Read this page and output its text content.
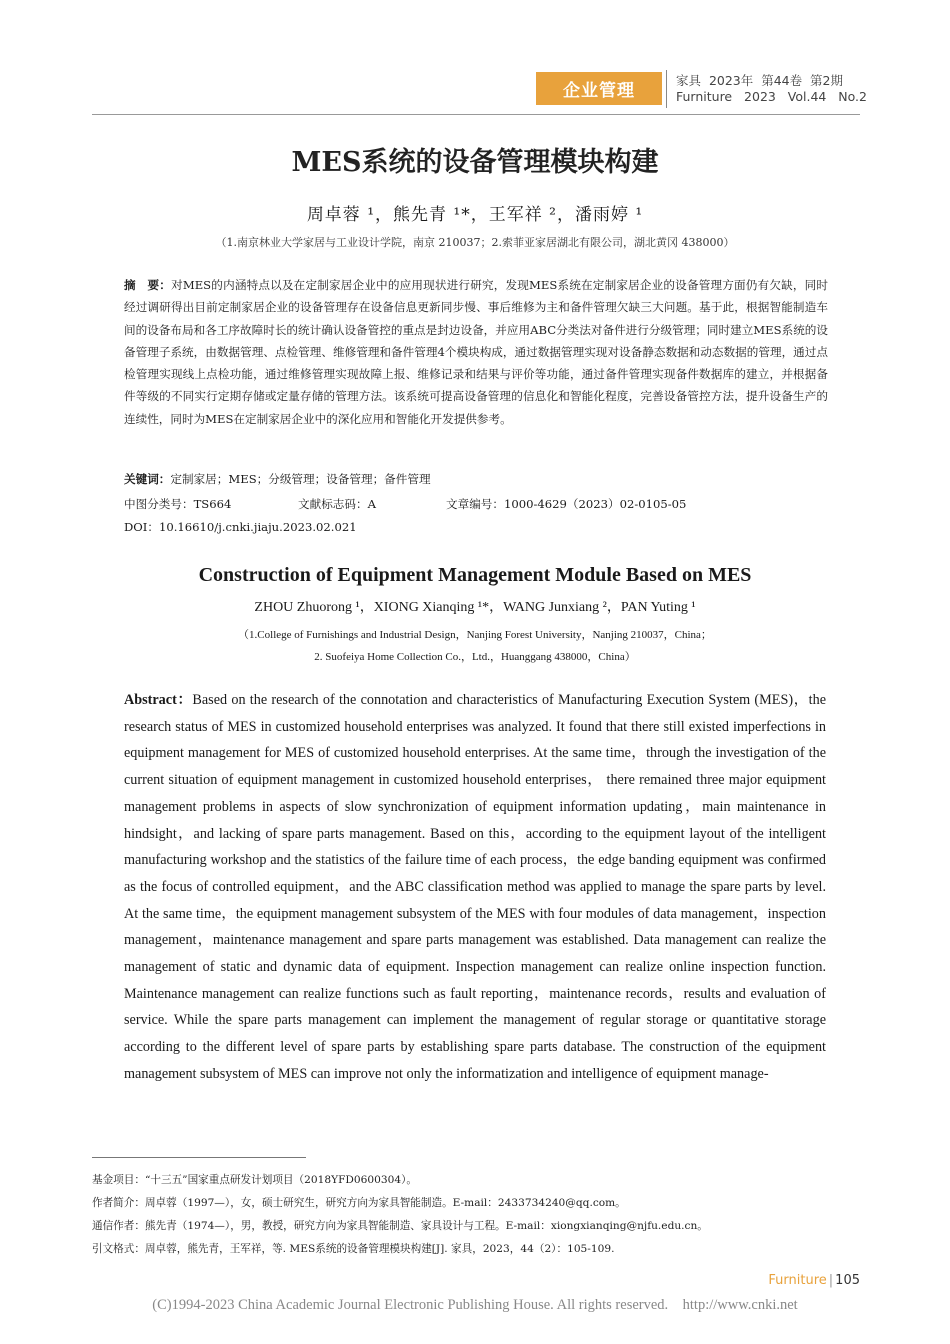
企业管理
家具  2023年  第44卷  第2期
Furniture   2023   Vol.44   No.2
MES系统的设备管理模块构建
周卓蓉 ¹，熊先青 ¹*，王军祥 ²，潘雨婷 ¹
（1.南京林业大学家居与工业设计学院，南京 210037；2.索菲亚家居湖北有限公司，湖北黄冈 438000）
摘　要：对MES的内涵特点以及在定制家居企业中的应用现状进行研究，发现MES系统在定制家居企业的设备管理方面仍有欠缺，同时经过调研得出目前定制家居企业的设备管理存在设备信息更新同步慢、事后维修为主和备件管理欠缺三大问题。基于此，根据智能制造车间的设备布局和各工序故障时长的统计确认设备管控的重点是封边设备，并应用ABC分类法对备件进行分级管理；同时建立MES系统的设备管理子系统，由数据管理、点检管理、维修管理和备件管理4个模块构成，通过数据管理实现对设备静态数据和动态数据的管理，通过点检管理实现线上点检功能，通过维修管理实现故障上报、维修记录和结果与评价等功能，通过备件管理实现备件数据库的建立，并根据备件等级的不同实行定期存储或定量存储的管理方法。该系统可提高设备管理的信息化和智能化程度，完善设备管控方法，提升设备生产的连续性，同时为MES在定制家居企业中的深化应用和智能化开发提供参考。
关键词：定制家居；MES；分级管理；设备管理；备件管理
中图分类号：TS664	文献标志码：A	文章编号：1000-4629（2023）02-0105-05
DOI：10.16610/j.cnki.jiaju.2023.02.021
Construction of Equipment Management Module Based on MES
ZHOU Zhuorong ¹，XIONG Xianqing ¹*，WANG Junxiang ²，PAN Yuting ¹
（1.College of Furnishings and Industrial Design，Nanjing Forest University，Nanjing 210037，China；
2. Suofeiya Home Collection Co.，Ltd.，Huanggang 438000，China）
Abstract：Based on the research of the connotation and characteristics of Manufacturing Execution System (MES)，the research status of MES in customized household enterprises was analyzed. It found that there still existed imperfections in equipment management for MES of customized household enterprises. At the same time，through the investigation of the current situation of equipment management in customized household enterprises， there remained three major equipment management problems in aspects of slow synchronization of equipment information updating，main maintenance in hindsight，and lacking of spare parts management. Based on this，according to the equipment layout of the intelligent manufacturing workshop and the statistics of the failure time of each process，the edge banding equipment was confirmed as the focus of controlled equipment，and the ABC classification method was applied to manage the spare parts by level. At the same time，the equipment management subsystem of the MES with four modules of data management，inspection management，maintenance management and spare parts management was established. Data management can realize the management of static and dynamic data of equipment. Inspection management can realize online inspection function. Maintenance management can realize functions such as fault reporting，maintenance records，results and evaluation of service. While the spare parts management can implement the management of regular storage or quantitative storage according to the different level of spare parts by establishing spare parts database. The construction of the equipment management subsystem of MES can improve not only the informatization and intelligence of equipment manage-
基金项目：“十三五”国家重点研发计划项目（2018YFD0600304）。
作者简介：周卓蓉（1997—），女，硕士研究生，研究方向为家具智能制造。E-mail：2433734240@qq.com。
通信作者：熊先青（1974—），男，教授，研究方向为家具智能制造、家具设计与工程。E-mail：xiongxianqing@njfu.edu.cn。
引文格式：周卓蓉，熊先青，王军祥，等. MES系统的设备管理模块构建[J]. 家具，2023，44（2）：105-109.
Furniture | 105
(C)1994-2023 China Academic Journal Electronic Publishing House. All rights reserved.    http://www.cnki.net
